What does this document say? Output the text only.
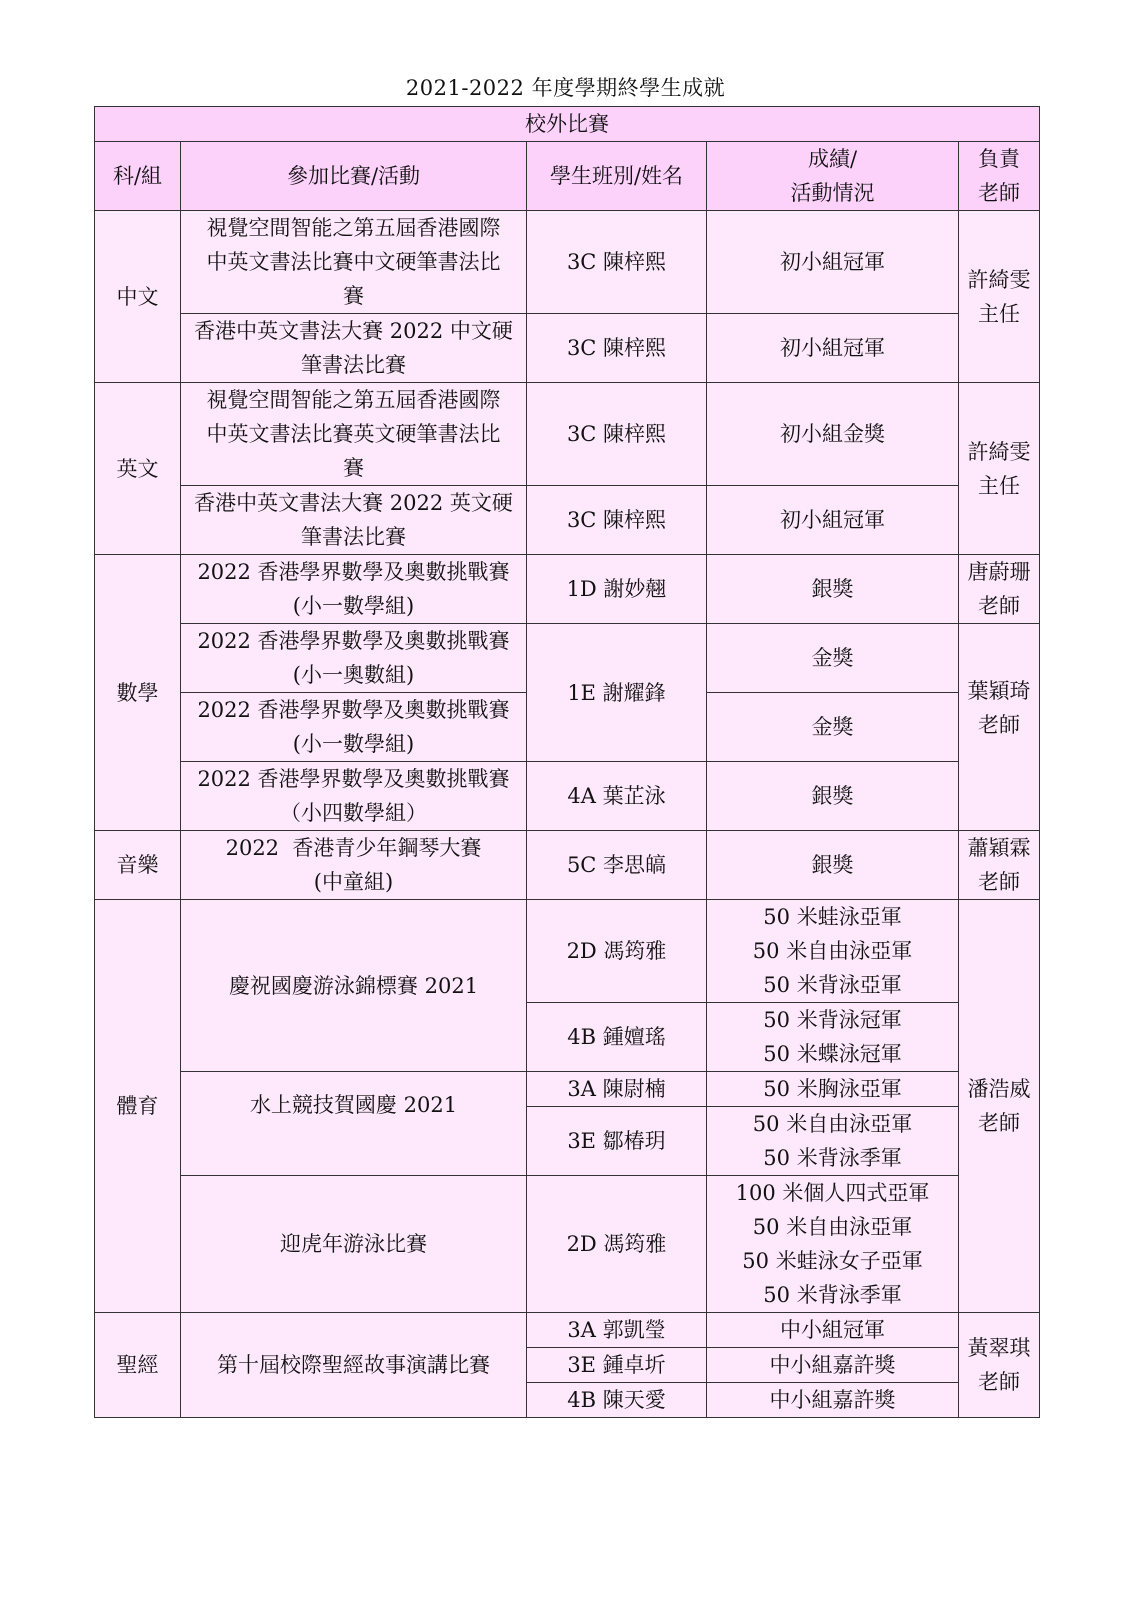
2021-2022 年度學期終學生成就
校外比賽				
科/組	參加比賽/活動	學生班別/姓名	成績/
活動情況	負責
老師
中文	視覺空間智能之第五屆香港國際
中英文書法比賽中文硬筆書法比
賽	3C 陳梓熙	初小組冠軍	許綺雯
主任
	香港中英文書法大賽 2022 中文硬
筆書法比賽	3C 陳梓熙	初小組冠軍	
英文	視覺空間智能之第五屆香港國際
中英文書法比賽英文硬筆書法比
賽	3C 陳梓熙	初小組金獎	許綺雯
主任
	香港中英文書法大賽 2022 英文硬
筆書法比賽	3C 陳梓熙	初小組冠軍	
數學	2022 香港學界數學及奧數挑戰賽
(小一數學組)	1D 謝妙翹	銀獎	唐蔚珊
老師
	2022 香港學界數學及奧數挑戰賽
(小一奧數組)	1E 謝耀鋒	金獎	葉穎琦
老師
	2022 香港學界數學及奧數挑戰賽
(小一數學組)		金獎	
	2022 香港學界數學及奧數挑戰賽
（小四數學組）	4A 葉芷泳	銀獎	
音樂	2022  香港青少年鋼琴大賽
(中童組)	5C 李思皜	銀獎	蕭穎霖
老師
體育	慶祝國慶游泳錦標賽 2021	2D 馮筠雅	50 米蛙泳亞軍
50 米自由泳亞軍
50 米背泳亞軍	潘浩威
老師
		4B 鍾嬗瑤	50 米背泳冠軍
50 米蝶泳冠軍	
	水上競技賀國慶 2021	3A 陳尉楠	50 米胸泳亞軍	
		3E 鄒椿玥	50 米自由泳亞軍
50 米背泳季軍	
	迎虎年游泳比賽	2D 馮筠雅	100 米個人四式亞軍
50 米自由泳亞軍
50 米蛙泳女子亞軍
50 米背泳季軍	
聖經	第十屆校際聖經故事演講比賽	3A 郭凱瑩	中小組冠軍	黃翠琪
老師
		3E 鍾卓圻	中小組嘉許獎	
		4B 陳天愛	中小組嘉許獎	
